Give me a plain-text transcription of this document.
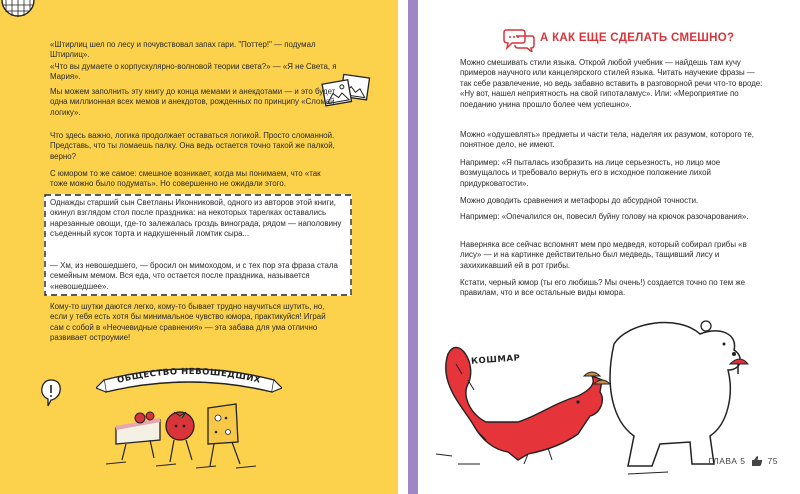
«Штирлиц шел по лесу и почувствовал запах гари. "Поттер!" — подумал Штирлиц».

«Что вы думаете о корпускулярно-волновой теории света?» — «Я не Света, я Мария».

Мы можем заполнить эту книгу до конца мемами и анекдотами — и это будет одна миллионная всех мемов и анекдотов, рожденных по принципу «Сломай логику».

Что здесь важно, логика продолжает оставаться логикой. Просто сломанной. Представь, что ты ломаешь палку. Она ведь остается точно такой же палкой, верно?

С юмором то же самое: смешное возникает, когда мы понимаем, что «так тоже можно было подумать». Но совершенно не ожидали этого.

Однажды старший сын Светланы Иконниковой, одного из авторов этой книги, окинул взглядом стол после праздника: на некоторых тарелках оставались нарезанные овощи, где-то залежалась гроздь винограда, рядом — наполовину съеденный кусок торта и надкушенный ломтик сыра...

— Хм, из невошедшего, — бросил он мимоходом, и с тех пор эта фраза стала семейным мемом. Вся еда, что остается после праздника, называется «невошедшее».

Кому-то шутки даются легко, кому-то бывает трудно научиться шутить, но, если у тебя есть хотя бы минимальное чувство юмора, практикуйся! Играй сам с собой в «Неочевидные сравнения» — эта забава для ума отлично развивает остроумие!

ОБЩЕСТВО НЕВОШЕДШИХ
А КАК ЕЩЕ СДЕЛАТЬ СМЕШНО?

Можно смешивать стили языка. Открой любой учебник — найдешь там кучу примеров научного или канцелярского стилей языка. Читать научекие фразы — так себе развлечение, но ведь забавно вставить в разговорной речи что-то вроде: «Ну вот, нашел неприятность на свой гипоталамус». Или: «Мероприятие по поеданию унина прошло более чем успешно».

Можно «одушевлять» предметы и части тела, наделяя их разумом, которого те, понятное дело, не имеют.

Например: «Я пыталась изобразить на лице серьезность, но лицо мое возмущалось и требовало вернуть его в исходное положение лихой придурковатости».

Можно доводить сравнения и метафоры до абсурдной точности.

Например: «Опечалился он, повесил буйну голову на крючок разочарования».

Наверняка все сейчас вспомнят мем про медведя, который собирал грибы «в лису» — и на картинке действительно был медведь, тащивший лису и захихикавший ей в рот грибы.

Кстати, черный юмор (ты его любишь? Мы очень!) создается точно по тем же правилам, что и все остальные виды юмора.

КОШМАР
ГЛАВА 5	75
